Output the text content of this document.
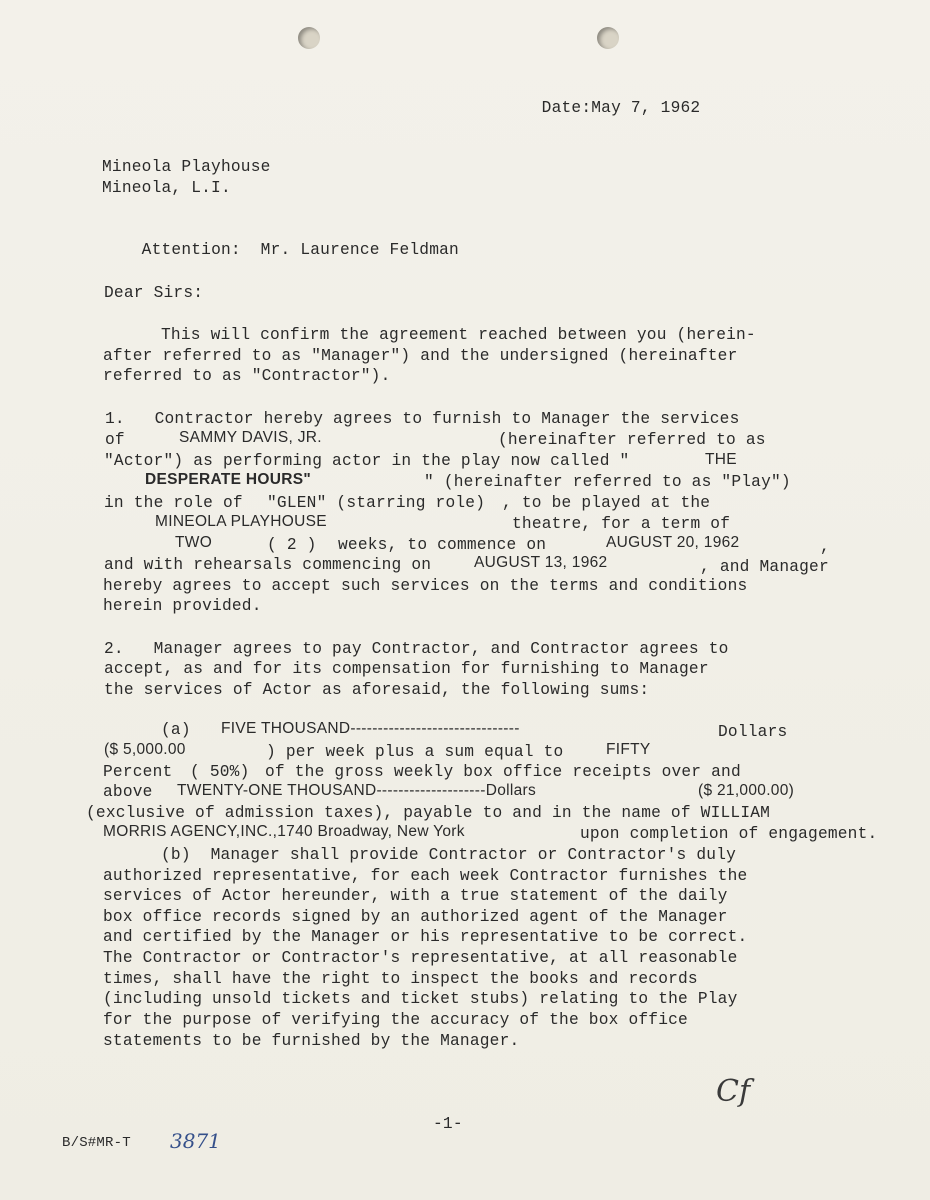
Date:May 7, 1962

Mineola Playhouse
Mineola, L.I.

Attention: Mr. Laurence Feldman

Dear Sirs:
This will confirm the agreement reached between you (herein-
after referred to as "Manager") and the undersigned (hereinafter
referred to as "Contractor").
1.   Contractor hereby agrees to furnish to Manager the services
of	SAMMY DAVIS, JR.	(hereinafter referred to as
"Actor") as performing actor in the play now called "	THE
DESPERATE HOURS"	" (hereinafter referred to as "Play")
in the role of "GLEN" (starring role) , to be played at the
MINEOLA PLAYHOUSE	theatre, for a term of
TWO	( 2 ) weeks, to commence on	AUGUST 20, 1962	,
and with rehearsals commencing on	AUGUST 13, 1962	, and Manager
hereby agrees to accept such services on the terms and conditions
herein provided.
2.   Manager agrees to pay Contractor, and Contractor agrees to
accept, as and for its compensation for furnishing to Manager
the services of Actor as aforesaid, the following sums:
(a) FIVE THOUSAND-------------------------------	Dollars
($ 5,000.00	) per week plus a sum equal to	FIFTY
Percent ( 50%) of the gross weekly box office receipts over and
above TWENTY-ONE THOUSAND--------------------Dollars	($ 21,000.00)
(exclusive of admission taxes), payable to and in the name of WILLIAM
MORRIS AGENCY,INC.,1740 Broadway, New York	upon completion of engagement.
(b)  Manager shall provide Contractor or Contractor's duly
authorized representative, for each week Contractor furnishes the
services of Actor hereunder, with a true statement of the daily
box office records signed by an authorized agent of the Manager
and certified by the Manager or his representative to be correct.
The Contractor or Contractor's representative, at all reasonable
times, shall have the right to inspect the books and records
(including unsold tickets and ticket stubs) relating to the Play
for the purpose of verifying the accuracy of the box office
statements to be furnished by the Manager.
Cf
-1-
B/S#MR-T 3871
